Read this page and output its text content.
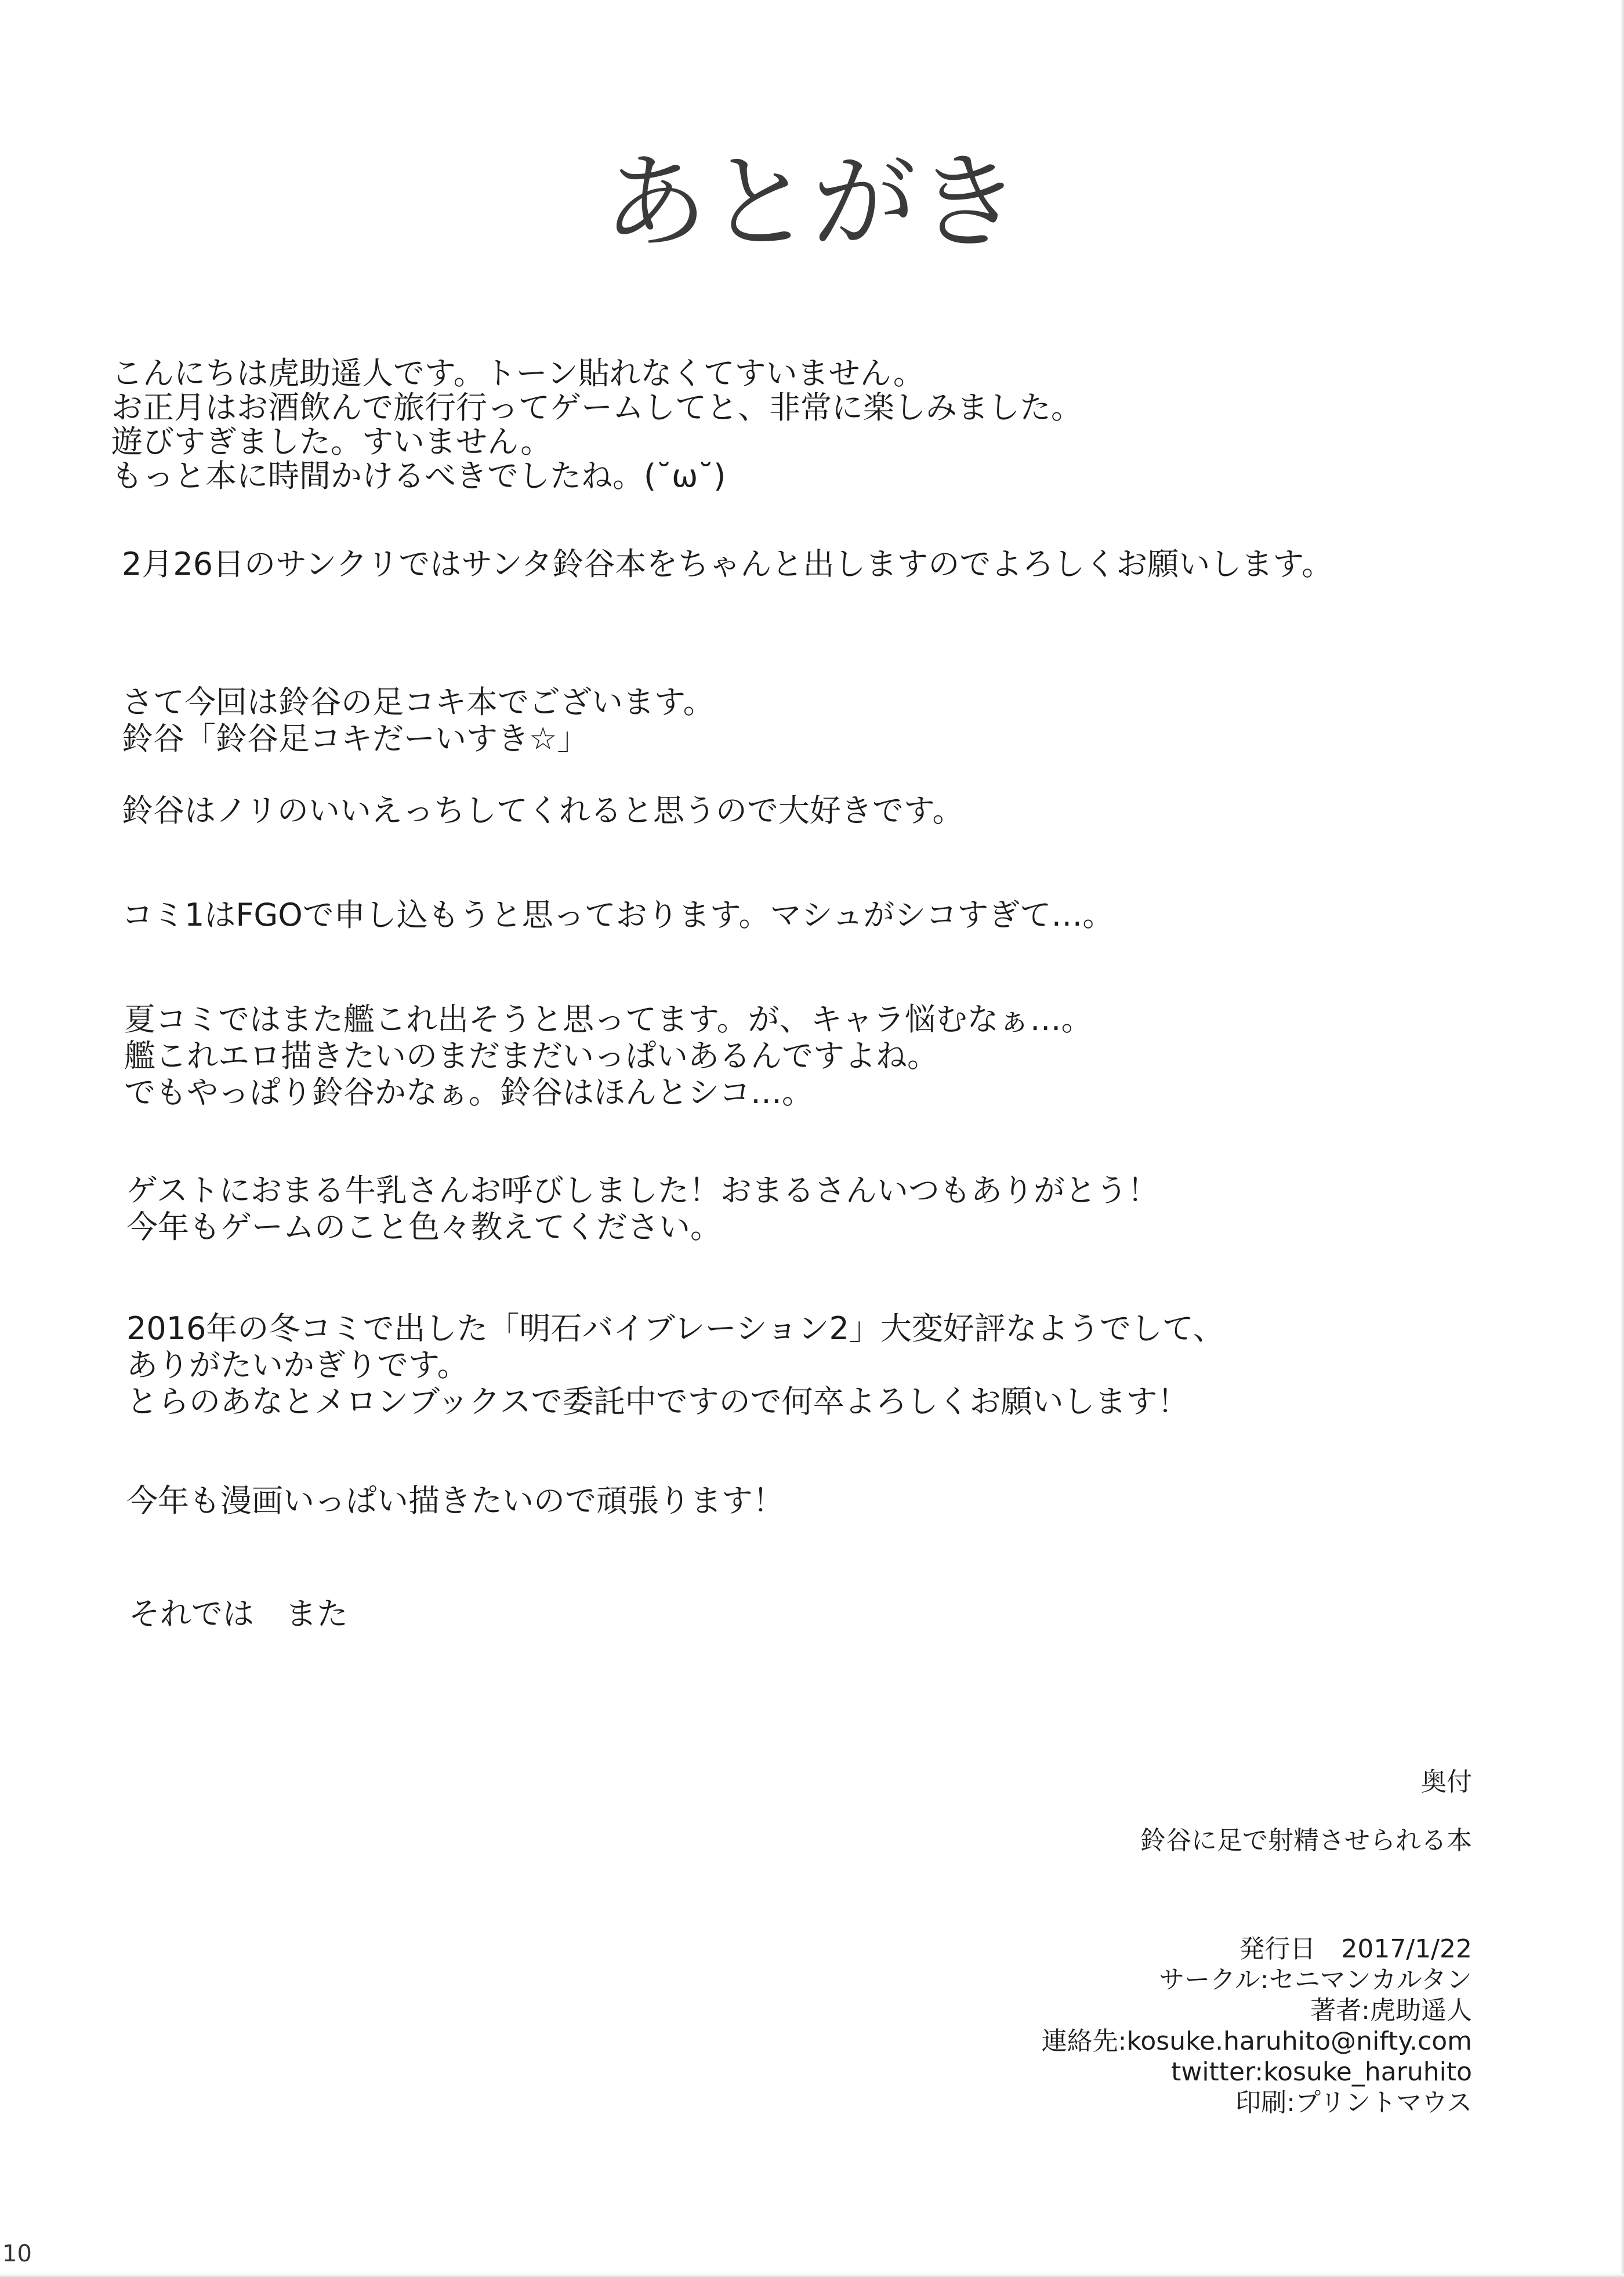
あとがき
こんにちは虎助遥人です。トーン貼れなくてすいません。
お正月はお酒飲んで旅行行ってゲームしてと、非常に楽しみました。
遊びすぎました。すいません。
もっと本に時間かけるべきでしたね。(˘ω˘)
2月26日のサンクリではサンタ鈴谷本をちゃんと出しますのでよろしくお願いします。
さて今回は鈴谷の足コキ本でございます。
鈴谷「鈴谷足コキだーいすき☆」
鈴谷はノリのいいえっちしてくれると思うので大好きです。
コミ1はFGOで申し込もうと思っております。マシュがシコすぎて…。
夏コミではまた艦これ出そうと思ってます。が、キャラ悩むなぁ…。
艦これエロ描きたいのまだまだいっぱいあるんですよね。
でもやっぱり鈴谷かなぁ。鈴谷はほんとシコ…。
ゲストにおまる牛乳さんお呼びしました！おまるさんいつもありがとう！
今年もゲームのこと色々教えてください。
2016年の冬コミで出した「明石バイブレーション2」大変好評なようでして、
ありがたいかぎりです。
とらのあなとメロンブックスで委託中ですので何卒よろしくお願いします！
今年も漫画いっぱい描きたいので頑張ります！
それでは　また
奥付
鈴谷に足で射精させられる本
発行日　2017/1/22
サークル:セニマンカルタン
著者:虎助遥人
連絡先:kosuke.haruhito@nifty.com
twitter:kosuke_haruhito
印刷:プリントマウス
10
